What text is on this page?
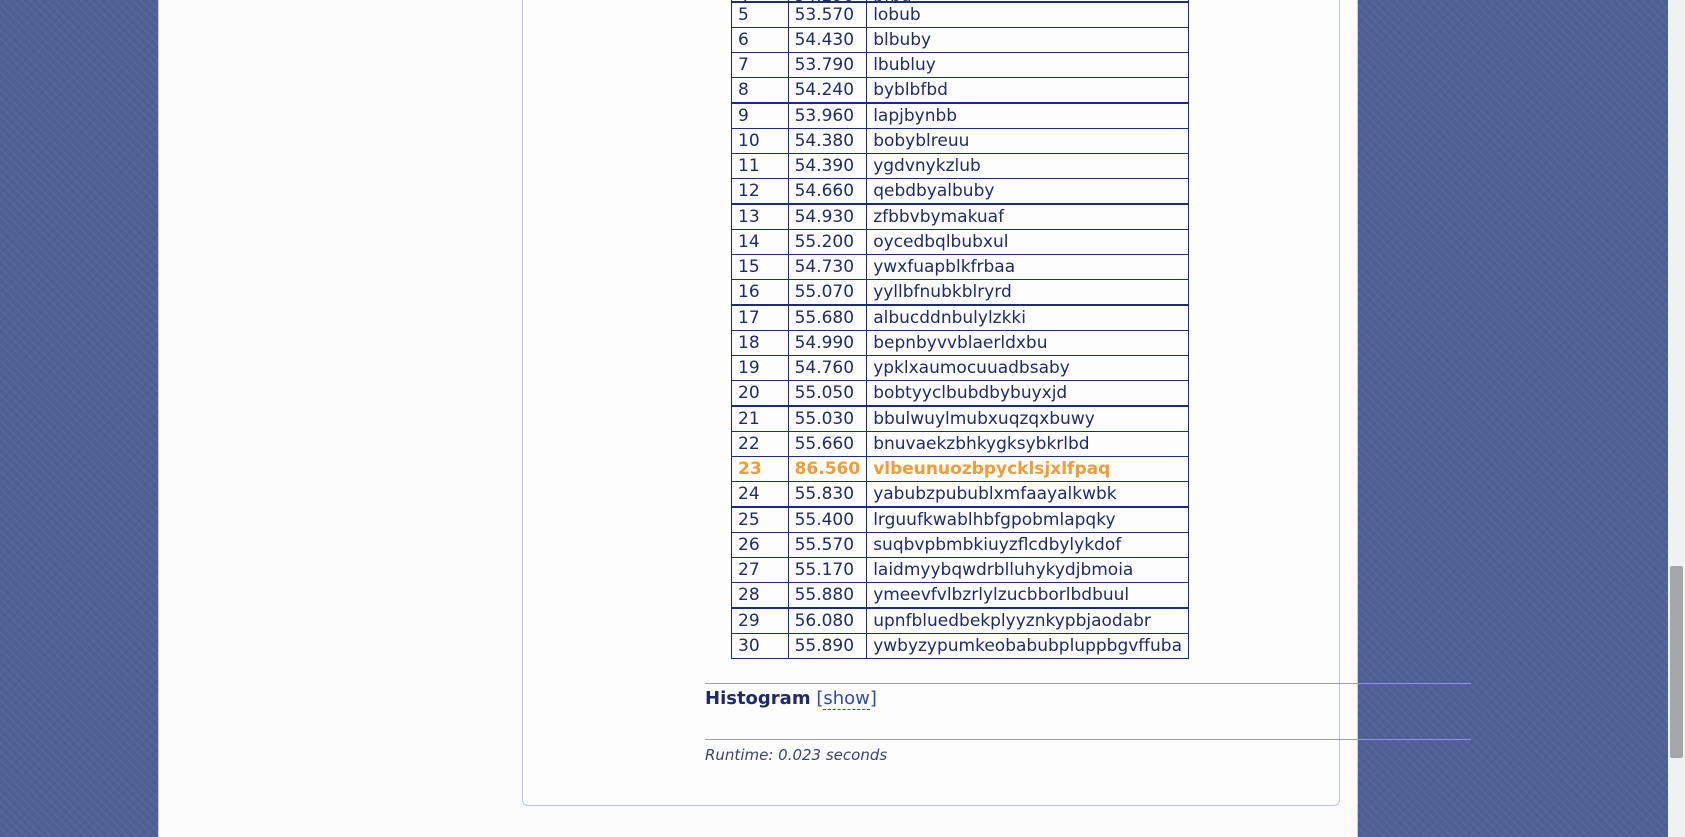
5	53.570	lobub
6	54.430	blbuby
7	53.790	lbubluy
8	54.240	byblbfbd
9	53.960	lapjbynbb
10	54.380	bobyblreuu
11	54.390	ygdvnykzlub
12	54.660	qebdbyalbuby
13	54.930	zfbbvbymakuaf
14	55.200	oycedbqlbubxul
15	54.730	ywxfuapblkfrbaa
16	55.070	yyllbfnubkblryrd
17	55.680	albucddnbulylzkki
18	54.990	bepnbyvvblaerldxbu
19	54.760	ypklxaumocuuadbsaby
20	55.050	bobtyyclbubdbybuyxjd
21	55.030	bbulwuylmubxuqzqxbuwy
22	55.660	bnuvaekzbhkygksybkrlbd
23	86.560	vlbeunuozbpycklsjxlfpaq
24	55.830	yabubzpubublxmfaayalkwbk
25	55.400	lrguufkwablhbfgpobmlapqky
26	55.570	suqbvpbmbkiuyzflcdbylykdof
27	55.170	laidmyybqwdrblluhykydjbmoia
28	55.880	ymeevfvlbzrlylzucbborlbdbuul
29	56.080	upnfbluedbekplyyznkypbjaodabr
30	55.890	ywbyzypumkeobabubpluppbgvffuba
Histogram [show]
Runtime: 0.023 seconds
